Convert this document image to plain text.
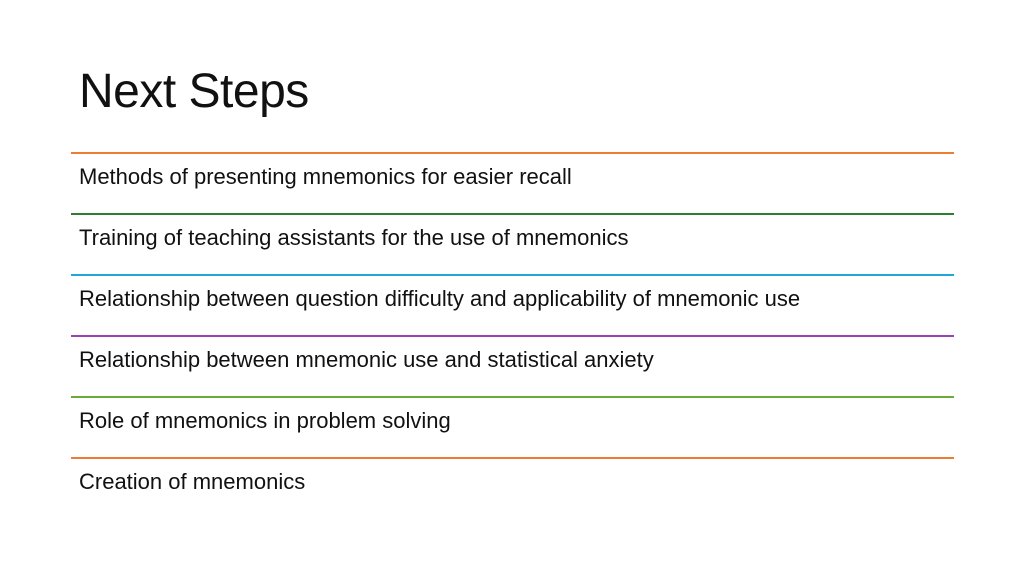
Next Steps
Methods of presenting mnemonics for easier recall
Training of teaching assistants for the use of mnemonics
Relationship between question difficulty and applicability of mnemonic use
Relationship between mnemonic use and statistical anxiety
Role of mnemonics in problem solving
Creation of mnemonics
